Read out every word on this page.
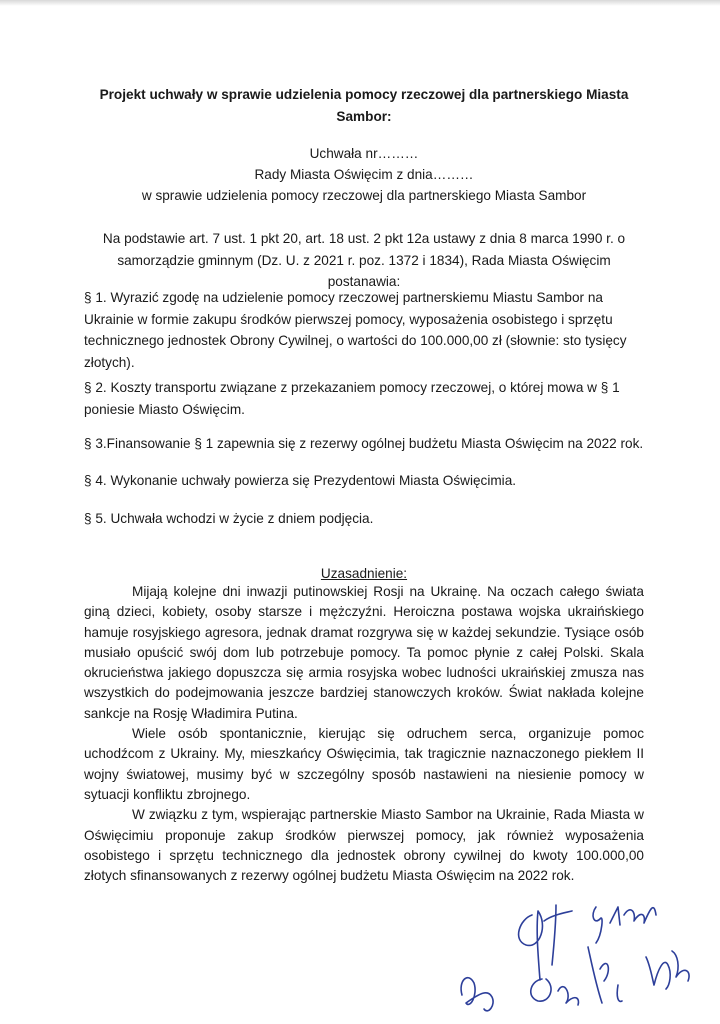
Projekt uchwały w sprawie udzielenia pomocy rzeczowej dla partnerskiego Miasta Sambor:
Uchwała nr………
Rady Miasta Oświęcim z dnia………
w sprawie udzielenia pomocy rzeczowej dla partnerskiego Miasta Sambor
Na podstawie art. 7 ust. 1 pkt 20, art. 18 ust. 2 pkt 12a ustawy z dnia 8 marca 1990 r. o samorządzie gminnym (Dz. U. z 2021 r. poz. 1372 i 1834), Rada Miasta Oświęcim postanawia:
§ 1. Wyrazić zgodę na udzielenie pomocy rzeczowej partnerskiemu Miastu Sambor na Ukrainie w formie zakupu środków pierwszej pomocy, wyposażenia osobistego i sprzętu technicznego jednostek Obrony Cywilnej, o wartości do 100.000,00 zł (słownie: sto tysięcy złotych).
§ 2. Koszty transportu związane z przekazaniem pomocy rzeczowej, o której mowa w § 1 poniesie Miasto Oświęcim.
§ 3.Finansowanie § 1 zapewnia się z rezerwy ogólnej budżetu Miasta Oświęcim na 2022 rok.
§ 4. Wykonanie uchwały powierza się Prezydentowi Miasta Oświęcimia.
§ 5. Uchwała wchodzi w życie z dniem podjęcia.
Uzasadnienie:

Mijają kolejne dni inwazji putinowskiej Rosji na Ukrainę. Na oczach całego świata giną dzieci, kobiety, osoby starsze i mężczyźni. Heroiczna postawa wojska ukraińskiego hamuje rosyjskiego agresora, jednak dramat rozgrywa się w każdej sekundzie. Tysiące osób musiało opuścić swój dom lub potrzebuje pomocy. Ta pomoc płynie z całej Polski. Skala okrucieństwa jakiego dopuszcza się armia rosyjska wobec ludności ukraińskiej zmusza nas wszystkich do podejmowania jeszcze bardziej stanowczych kroków. Świat nakłada kolejne sankcje na Rosję Władimira Putina.

Wiele osób spontanicznie, kierując się odruchem serca, organizuje pomoc uchodźcom z Ukrainy. My, mieszkańcy Oświęcimia, tak tragicznie naznaczonego piekłem II wojny światowej, musimy być w szczególny sposób nastawieni na niesienie pomocy w sytuacji konfliktu zbrojnego.

W związku z tym, wspierając partnerskie Miasto Sambor na Ukrainie, Rada Miasta w Oświęcimiu proponuje zakup środków pierwszej pomocy, jak również wyposażenia osobistego i sprzętu technicznego dla jednostek obrony cywilnej do kwoty 100.000,00 złotych sfinansowanych z rezerwy ogólnej budżetu Miasta Oświęcim na 2022 rok.
